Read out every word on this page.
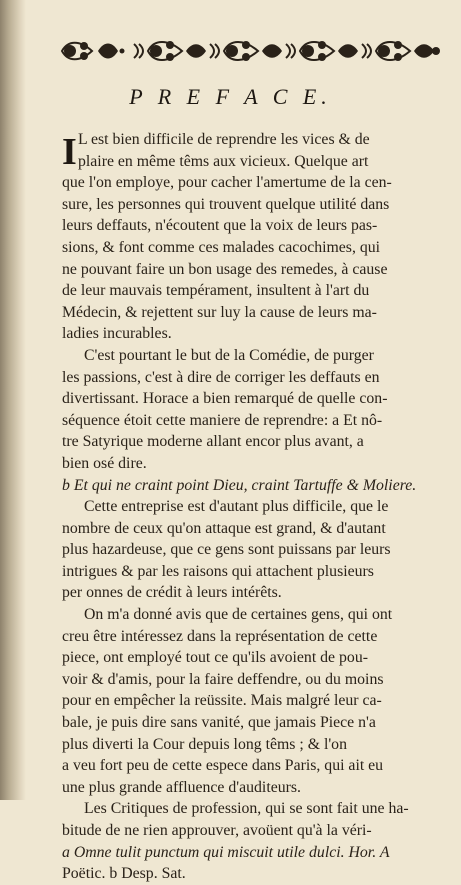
P R E F A C E.
I L est bien difficile de reprendre les vices & de
plaire en même têms aux vicieux. Quelque art
que l'on employe, pour cacher l'amertume de la cen-
sure, les personnes qui trouvent quelque utilité dans
leurs deffauts, n'écoutent que la voix de leurs pas-
sions, & font comme ces malades cacochimes, qui
ne pouvant faire un bon usage des remedes, à cause
de leur mauvais tempérament, insultent à l'art du
Médecin, & rejettent sur luy la cause de leurs ma-
ladies incurables.
C'est pourtant le but de la Comédie, de purger
les passions, c'est à dire de corriger les deffauts en
divertissant. Horace a bien remarqué de quelle con-
séquence étoit cette maniere de reprendre: a Et nô-
tre Satyrique moderne allant encor plus avant, a
bien osé dire.
b Et qui ne craint point Dieu, craint Tartuffe & Moliere.
Cette entreprise est d'autant plus difficile, que le
nombre de ceux qu'on attaque est grand, & d'autant
plus hazardeuse, que ce gens sont puissans par leurs
intrigues & par les raisons qui attachent plusieurs
per onnes de crédit à leurs intérêts.
On m'a donné avis que de certaines gens, qui ont
creu être intéressez dans la représentation de cette
piece, ont employé tout ce qu'ils avoient de pou-
voir & d'amis, pour la faire deffendre, ou du moins
pour en empêcher la reüssite. Mais malgré leur ca-
bale, je puis dire sans vanité, que jamais Piece n'a
plus diverti la Cour depuis long têms ; & l'on
a veu fort peu de cette espece dans Paris, qui ait eu
une plus grande affluence d'auditeurs.
Les Critiques de profession, qui se sont fait une ha-
bitude de ne rien approuver, avoüent qu'à la véri-
a Omne tulit punctum qui miscuit utile dulci. Hor. A
Poëtic. b Desp. Sat.
